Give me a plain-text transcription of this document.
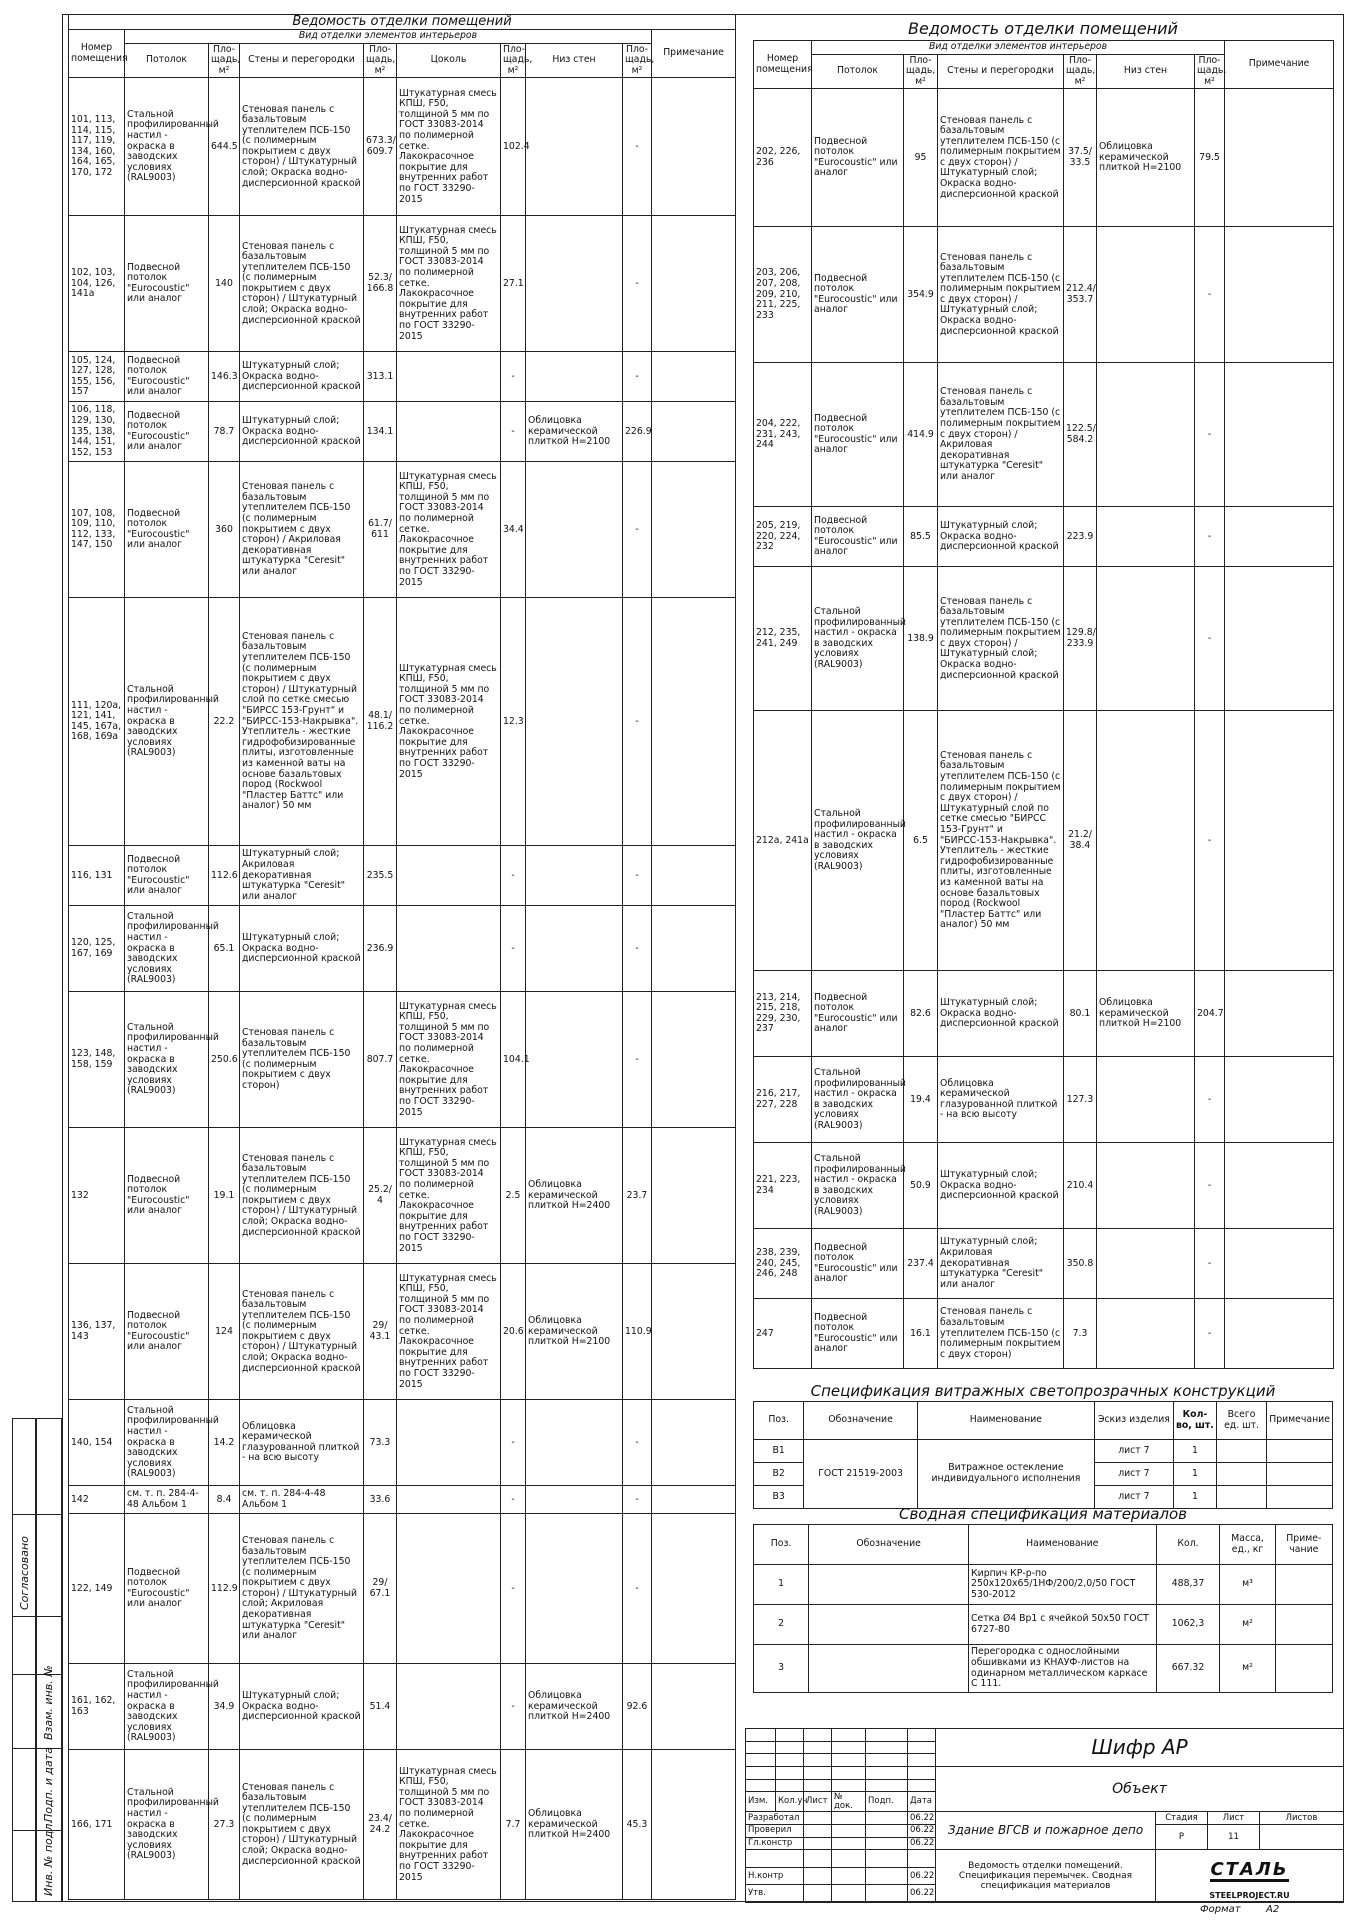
Ведомость отделки помещений									
Номер помещения	Вид отделки элементов интерьеров								Примечание
	Потолок	Пло-щадь, м²	Стены и перегородки	Пло-щадь, м²	Цоколь	Пло-щадь, м²	Низ стен	Пло-щадь, м²	
101, 113, 114, 115, 117, 119, 134, 160, 164, 165, 170, 172	Стальной профилированный настил - окраска в заводских условиях (RAL9003)	644.5	Стеновая панель с базальтовым утеплителем ПСБ-150 (с полимерным покрытием с двух сторон) / Штукатурный слой; Окраска водно-дисперсионной краской	673.3/ 609.7	Штукатурная смесь КПШ, F50, толщиной 5 мм по ГОСТ 33083-2014 по полимерной сетке. Лакокрасочное покрытие для внутренних работ по ГОСТ 33290-2015	102.4		-	
102, 103, 104, 126, 141а	Подвесной потолок "Eurocoustic" или аналог	140	Стеновая панель с базальтовым утеплителем ПСБ-150 (с полимерным покрытием с двух сторон) / Штукатурный слой; Окраска водно-дисперсионной краской	52.3/ 166.8	Штукатурная смесь КПШ, F50, толщиной 5 мм по ГОСТ 33083-2014 по полимерной сетке. Лакокрасочное покрытие для внутренних работ по ГОСТ 33290-2015	27.1		-	
105, 124, 127, 128, 155, 156, 157	Подвесной потолок "Eurocoustic" или аналог	146.3	Штукатурный слой; Окраска водно-дисперсионной краской	313.1		-		-	
106, 118, 129, 130, 135, 138, 144, 151, 152, 153	Подвесной потолок "Eurocoustic" или аналог	78.7	Штукатурный слой; Окраска водно-дисперсионной краской	134.1		-	Облицовка керамической плиткой Н=2100	226.9	
107, 108, 109, 110, 112, 133, 147, 150	Подвесной потолок "Eurocoustic" или аналог	360	Стеновая панель с базальтовым утеплителем ПСБ-150 (с полимерным покрытием с двух сторон) / Акриловая декоративная штукатурка "Ceresit" или аналог	61.7/ 611	Штукатурная смесь КПШ, F50, толщиной 5 мм по ГОСТ 33083-2014 по полимерной сетке. Лакокрасочное покрытие для внутренних работ по ГОСТ 33290-2015	34.4		-	
111, 120а, 121, 141, 145, 167а, 168, 169а	Стальной профилированный настил - окраска в заводских условиях (RAL9003)	22.2	Стеновая панель с базальтовым утеплителем ПСБ-150 (с полимерным покрытием с двух сторон) / Штукатурный слой по сетке смесью "БИРСС 153-Грунт" и "БИРСС-153-Накрывка". Утеплитель - жесткие гидрофобизированные плиты, изготовленные из каменной ваты на основе базальтовых пород (Rockwool "Пластер Баттс" или аналог) 50 мм	48.1/ 116.2	Штукатурная смесь КПШ, F50, толщиной 5 мм по ГОСТ 33083-2014 по полимерной сетке. Лакокрасочное покрытие для внутренних работ по ГОСТ 33290-2015	12.3		-	
116, 131	Подвесной потолок "Eurocoustic" или аналог	112.6	Штукатурный слой; Акриловая декоративная штукатурка "Ceresit" или аналог	235.5		-		-	
120, 125, 167, 169	Стальной профилированный настил - окраска в заводских условиях (RAL9003)	65.1	Штукатурный слой; Окраска водно-дисперсионной краской	236.9		-		-	
123, 148, 158, 159	Стальной профилированный настил - окраска в заводских условиях (RAL9003)	250.6	Стеновая панель с базальтовым утеплителем ПСБ-150 (с полимерным покрытием с двух сторон)	807.7	Штукатурная смесь КПШ, F50, толщиной 5 мм по ГОСТ 33083-2014 по полимерной сетке. Лакокрасочное покрытие для внутренних работ по ГОСТ 33290-2015	104.1		-	
132	Подвесной потолок "Eurocoustic" или аналог	19.1	Стеновая панель с базальтовым утеплителем ПСБ-150 (с полимерным покрытием с двух сторон) / Штукатурный слой; Окраска водно-дисперсионной краской	25.2/ 4	Штукатурная смесь КПШ, F50, толщиной 5 мм по ГОСТ 33083-2014 по полимерной сетке. Лакокрасочное покрытие для внутренних работ по ГОСТ 33290-2015	2.5	Облицовка керамической плиткой Н=2400	23.7	
136, 137, 143	Подвесной потолок "Eurocoustic" или аналог	124	Стеновая панель с базальтовым утеплителем ПСБ-150 (с полимерным покрытием с двух сторон) / Штукатурный слой; Окраска водно-дисперсионной краской	29/ 43.1	Штукатурная смесь КПШ, F50, толщиной 5 мм по ГОСТ 33083-2014 по полимерной сетке. Лакокрасочное покрытие для внутренних работ по ГОСТ 33290-2015	20.6	Облицовка керамической плиткой Н=2100	110.9	
140, 154	Стальной профилированный настил - окраска в заводских условиях (RAL9003)	14.2	Облицовка керамической глазурованной плиткой - на всю высоту	73.3		-		-	
142	см. т. п. 284-4-48 Альбом 1	8.4	см. т. п. 284-4-48 Альбом 1	33.6		-		-	
122, 149	Подвесной потолок "Eurocoustic" или аналог	112.9	Стеновая панель с базальтовым утеплителем ПСБ-150 (с полимерным покрытием с двух сторон) / Штукатурный слой; Акриловая декоративная штукатурка "Ceresit" или аналог	29/ 67.1		-		-	
161, 162, 163	Стальной профилированный настил - окраска в заводских условиях (RAL9003)	34.9	Штукатурный слой; Окраска водно-дисперсионной краской	51.4		-	Облицовка керамической плиткой Н=2400	92.6	
166, 171	Стальной профилированный настил - окраска в заводских условиях (RAL9003)	27.3	Стеновая панель с базальтовым утеплителем ПСБ-150 (с полимерным покрытием с двух сторон) / Штукатурный слой; Окраска водно-дисперсионной краской	23.4/ 24.2	Штукатурная смесь КПШ, F50, толщиной 5 мм по ГОСТ 33083-2014 по полимерной сетке. Лакокрасочное покрытие для внутренних работ по ГОСТ 33290-2015	7.7	Облицовка керамической плиткой Н=2400	45.3	
Ведомость отделки помещений
Номер помещения	Вид отделки элементов интерьеров						Примечание
	Потолок	Пло-щадь, м²	Стены и перегородки	Пло-щадь, м²	Низ стен	Пло-щадь, м²	
202, 226, 236	Подвесной потолок "Eurocoustic" или аналог	95	Стеновая панель с базальтовым утеплителем ПСБ-150 (с полимерным покрытием с двух сторон) / Штукатурный слой; Окраска водно-дисперсионной краской	37.5/ 33.5	Облицовка керамической плиткой Н=2100	79.5	
203, 206, 207, 208, 209, 210, 211, 225, 233	Подвесной потолок "Eurocoustic" или аналог	354.9	Стеновая панель с базальтовым утеплителем ПСБ-150 (с полимерным покрытием с двух сторон) / Штукатурный слой; Окраска водно-дисперсионной краской	212.4/ 353.7		-	
204, 222, 231, 243, 244	Подвесной потолок "Eurocoustic" или аналог	414.9	Стеновая панель с базальтовым утеплителем ПСБ-150 (с полимерным покрытием с двух сторон) / Акриловая декоративная штукатурка "Ceresit" или аналог	122.5/ 584.2		-	
205, 219, 220, 224, 232	Подвесной потолок "Eurocoustic" или аналог	85.5	Штукатурный слой; Окраска водно-дисперсионной краской	223.9		-	
212, 235, 241, 249	Стальной профилированный настил - окраска в заводских условиях (RAL9003)	138.9	Стеновая панель с базальтовым утеплителем ПСБ-150 (с полимерным покрытием с двух сторон) / Штукатурный слой; Окраска водно-дисперсионной краской	129.8/ 233.9		-	
212а, 241а	Стальной профилированный настил - окраска в заводских условиях (RAL9003)	6.5	Стеновая панель с базальтовым утеплителем ПСБ-150 (с полимерным покрытием с двух сторон) / Штукатурный слой по сетке смесью "БИРСС 153-Грунт" и "БИРСС-153-Накрывка". Утеплитель - жесткие гидрофобизированные плиты, изготовленные из каменной ваты на основе базальтовых пород (Rockwool "Пластер Баттс" или аналог) 50 мм	21.2/ 38.4		-	
213, 214, 215, 218, 229, 230, 237	Подвесной потолок "Eurocoustic" или аналог	82.6	Штукатурный слой; Окраска водно-дисперсионной краской	80.1	Облицовка керамической плиткой Н=2100	204.7	
216, 217, 227, 228	Стальной профилированный настил - окраска в заводских условиях (RAL9003)	19.4	Облицовка керамической глазурованной плиткой - на всю высоту	127.3		-	
221, 223, 234	Стальной профилированный настил - окраска в заводских условиях (RAL9003)	50.9	Штукатурный слой; Окраска водно-дисперсионной краской	210.4		-	
238, 239, 240, 245, 246, 248	Подвесной потолок "Eurocoustic" или аналог	237.4	Штукатурный слой; Акриловая декоративная штукатурка "Ceresit" или аналог	350.8		-	
247	Подвесной потолок "Eurocoustic" или аналог	16.1	Стеновая панель с базальтовым утеплителем ПСБ-150 (с полимерным покрытием с двух сторон)	7.3		-	
Спецификация витражных светопрозрачных конструкций
Поз.	Обозначение	Наименование	Эскиз изделия	Кол-во, шт.	Всего ед. шт.	Примечание
В1	ГОСТ 21519-2003	Витражное остекление индивидуального исполнения	лист 7	1		
В2			лист 7	1		
В3			лист 7	1		
Сводная спецификация материалов
Поз.	Обозначение	Наименование	Кол.	Масса, ед., кг	Приме-чание
1		Кирпич КР-р-по 250х120х65/1НФ/200/2,0/50 ГОСТ 530-2012	488,37	м³	
2		Сетка Ø4 Вр1 с ячейкой 50х50 ГОСТ 6727-80	1062,3	м²	
3		Перегородка с однослойными обшивками из КНАУФ-листов на одинарном металлическом каркасе С 111.	667.32	м²	
Согласовано
Взам. инв. №
Подп. и дата
Инв. № подл.
						Шифр АР			

						Объект			

Изм.	Кол.уч	Лист	№ док.	Подп.	Дата				
Разработал					06.22	Здание ВГСВ и пожарное депо	Стадия	Лист	Листов
Проверил					06.22		Р	11	
Гл.констр					06.22				
						Ведомость отделки помещений. Спецификация перемычек. Сводная спецификация материалов	СТАЛЬ

STEELPROJECT.RU		

Н.контр					06.22				
Утв.					06.22				
Формат	А2
